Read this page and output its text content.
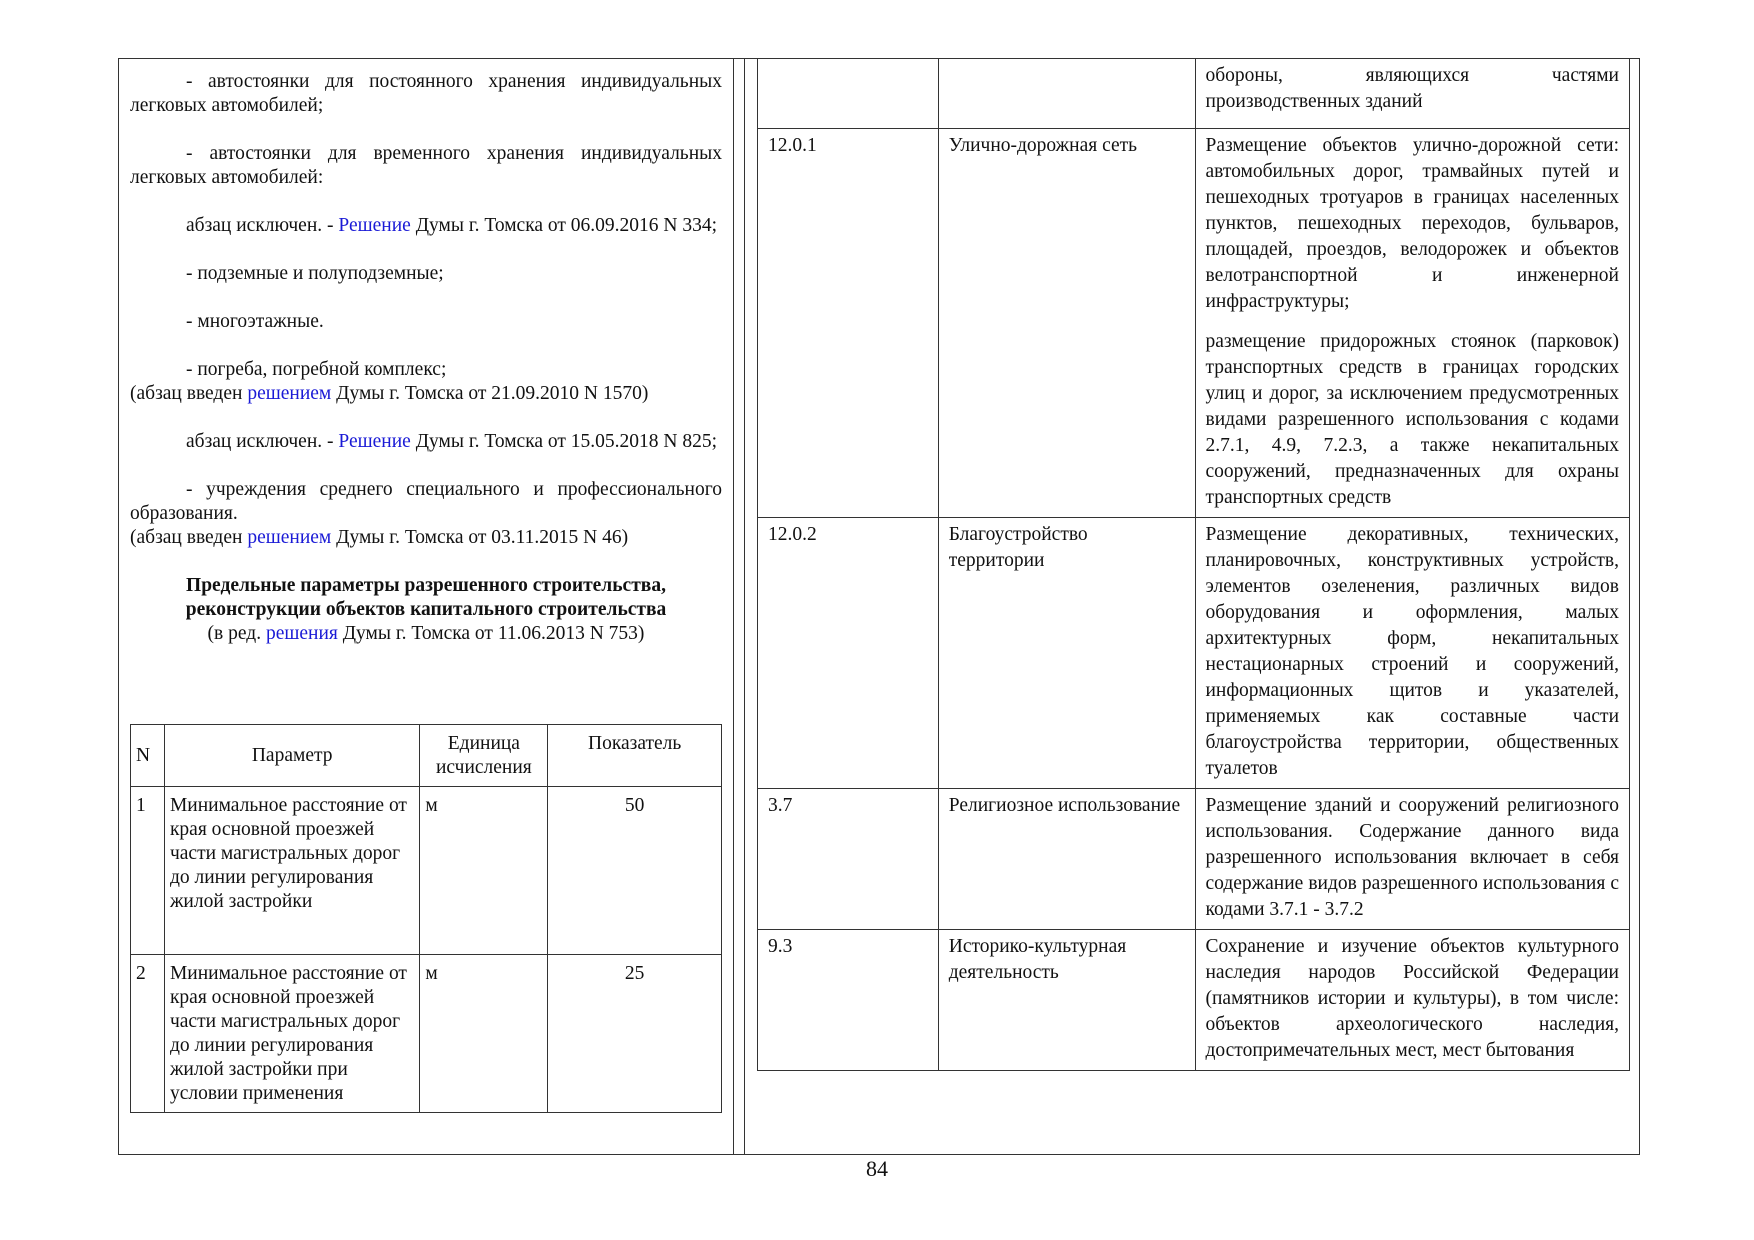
- автостоянки для постоянного хранения индивидуальных легковых автомобилей;

- автостоянки для временного хранения индивидуальных легковых автомобилей:

абзац исключен. - Решение Думы г. Томска от 06.09.2016 N 334;

- подземные и полуподземные;

- многоэтажные.

- погреба, погребной комплекс;

(абзац введен решением Думы г. Томска от 21.09.2010 N 1570)

абзац исключен. - Решение Думы г. Томска от 15.05.2018 N 825;

- учреждения среднего специального и профессионального образования.

(абзац введен решением Думы г. Томска от 03.11.2015 N 46)

Предельные параметры разрешенного строительства,
реконструкции объектов капитального строительства
(в ред. решения Думы г. Томска от 11.06.2013 N 753)
N	Параметр	Единица исчисления	Показатель
1	Минимальное расстояние от края основной проезжей части магистральных дорог до линии регулирования жилой застройки	м	50
2	Минимальное расстояние от края основной проезжей части магистральных дорог до линии регулирования жилой застройки при условии применения	м	25

		обороны, являющихся частями производственных зданий

12.0.1	Улично-дорожная сеть	Размещение объектов улично-дорожной сети: автомобильных дорог, трамвайных путей и пешеходных тротуаров в границах населенных пунктов, пешеходных переходов, бульваров, площадей, проездов, велодорожек и объектов велотранспортной и инженерной инфраструктуры;

размещение придорожных стоянок (парковок) транспортных средств в границах городских улиц и дорог, за исключением предусмотренных видами разрешенного использования с кодами 2.7.1, 4.9, 7.2.3, а также некапитальных сооружений, предназначенных для охраны транспортных средств

12.0.2	Благоустройство территории	Размещение декоративных, технических, планировочных, конструктивных устройств, элементов озеленения, различных видов оборудования и оформления, малых архитектурных форм, некапитальных нестационарных строений и сооружений, информационных щитов и указателей, применяемых как составные части благоустройства территории, общественных туалетов

3.7	Религиозное использование	Размещение зданий и сооружений религиозного использования. Содержание данного вида разрешенного использования включает в себя содержание видов разрешенного использования с кодами 3.7.1 - 3.7.2

9.3	Историко-культурная деятельность	Сохранение и изучение объектов культурного наследия народов Российской Федерации (памятников истории и культуры), в том числе: объектов археологического наследия, достопримечательных мест, мест бытования

84
